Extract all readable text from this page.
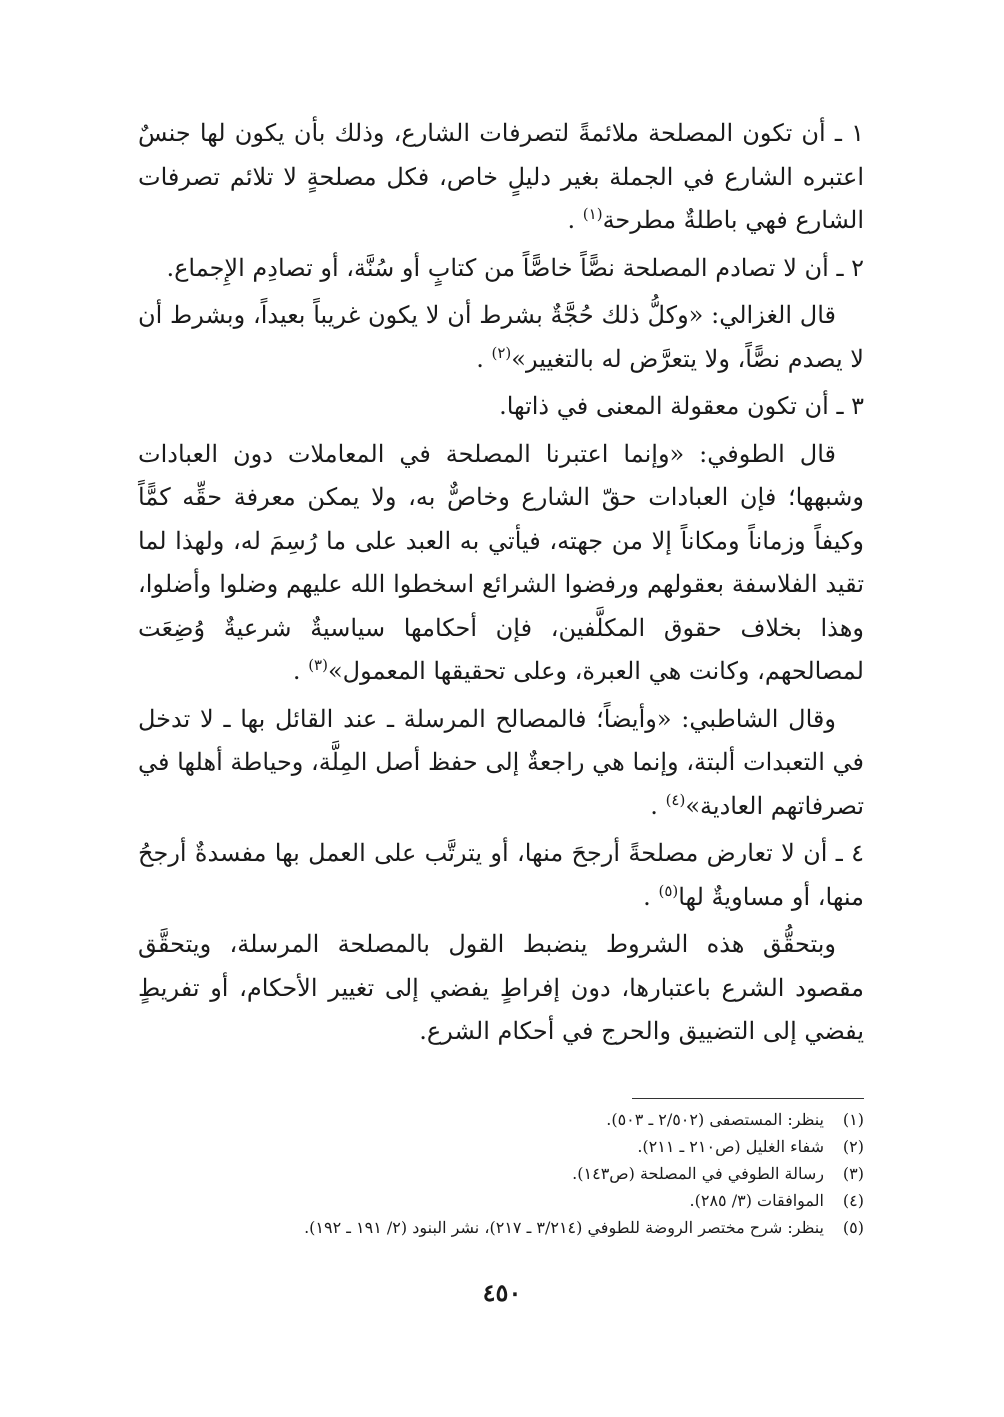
١ ـ أن تكون المصلحة ملائمةً لتصرفات الشارع، وذلك بأن يكون لها جنسٌ اعتبره الشارع في الجملة بغير دليلٍ خاص، فكل مصلحةٍ لا تلائم تصرفات الشارع فهي باطلةٌ مطرحة$^{(١)}$ .

٢ ـ أن لا تصادم المصلحة نصًّاً خاصًّاً من كتابٍ أو سُنَّة، أو تصادِم الإِجماع.

قال الغزالي: «وكلُّ ذلك حُجَّةٌ بشرط أن لا يكون غريباً بعيداً، وبشرط أن لا يصدم نصًّاً، ولا يتعرَّض له بالتغيير»$^{(٢)}$ .

٣ ـ أن تكون معقولة المعنى في ذاتها.

قال الطوفي: «وإنما اعتبرنا المصلحة في المعاملات دون العبادات وشبهها؛ فإن العبادات حقّ الشارع وخاصٌّ به، ولا يمكن معرفة حقِّه كمًّاً وكيفاً وزماناً ومكاناً إلا من جهته، فيأتي به العبد على ما رُسِمَ له، ولهذا لما تقيد الفلاسفة بعقولهم ورفضوا الشرائع اسخطوا الله عليهم وضلوا وأضلوا، وهذا بخلاف حقوق المكلَّفين، فإن أحكامها سياسيةٌ شرعيةٌ وُضِعَت لمصالحهم، وكانت هي العبرة، وعلى تحقيقها المعمول»$^{(٣)}$ .

وقال الشاطبي: «وأيضاً؛ فالمصالح المرسلة ـ عند القائل بها ـ لا تدخل في التعبدات ألبتة، وإنما هي راجعةٌ إلى حفظ أصل المِلَّة، وحياطة أهلها في تصرفاتهم العادية»$^{(٤)}$ .

٤ ـ أن لا تعارض مصلحةً أرجحَ منها، أو يترتَّب على العمل بها مفسدةٌ أرجحُ منها، أو مساويةٌ لها$^{(٥)}$ .

وبتحقُّق هذه الشروط ينضبط القول بالمصلحة المرسلة، ويتحقَّق مقصود الشرع باعتبارها، دون إفراطٍ يفضي إلى تغيير الأحكام، أو تفريطٍ يفضي إلى التضييق والحرج في أحكام الشرع.

(١)
ينظر: المستصفى (٢/٥٠٢ ـ ٥٠٣).
(٢)
شفاء الغليل (ص٢١٠ ـ ٢١١).
(٣)
رسالة الطوفي في المصلحة (ص١٤٣).
(٤)
الموافقات (٣/ ٢٨٥).
(٥)
ينظر: شرح مختصر الروضة للطوفي (٣/٢١٤ ـ ٢١٧)، نشر البنود (٢/ ١٩١ ـ ١٩٢).
٤٥٠
